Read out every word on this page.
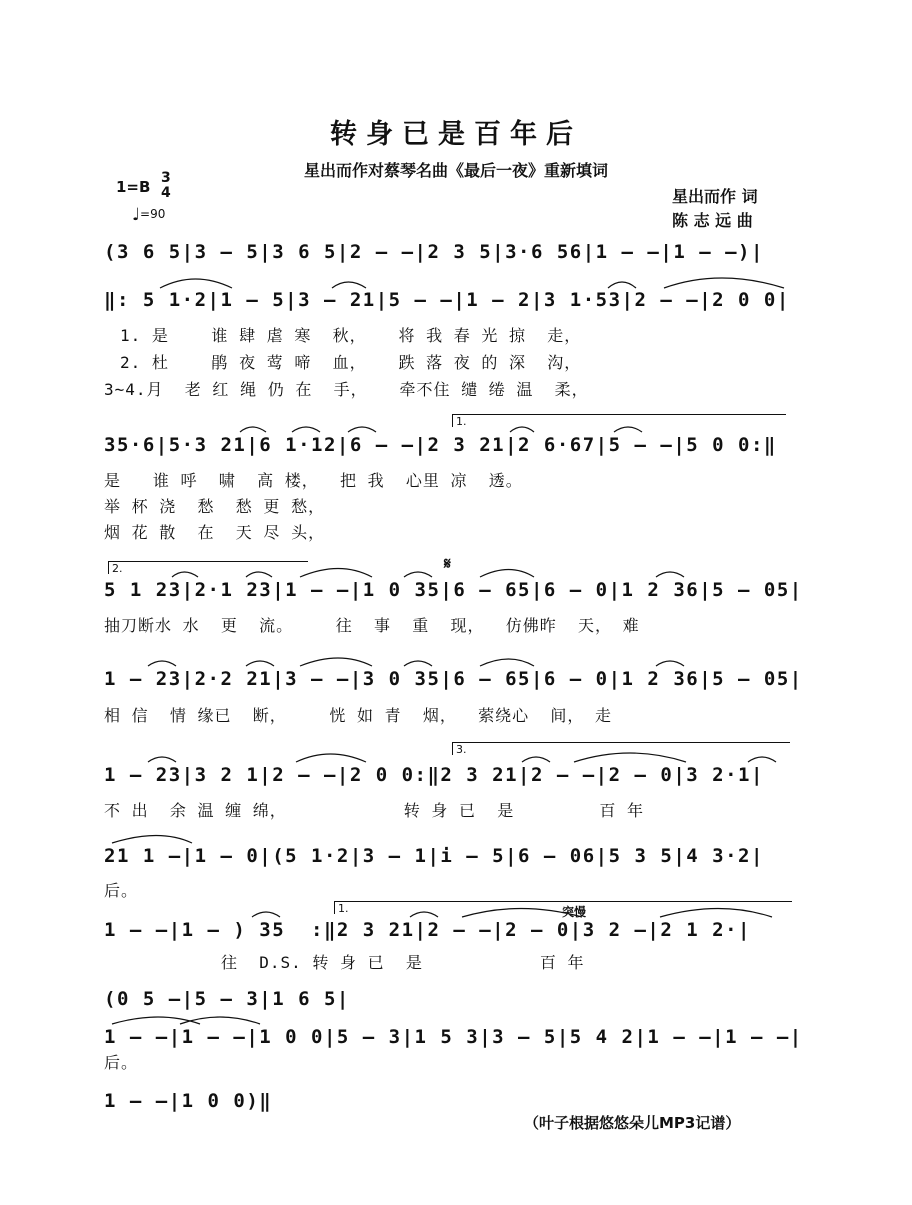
转身已是百年后
星出而作对蔡琴名曲《最后一夜》重新填词
星出而作 词
陈 志 远 曲
1=B 3
4
♩=90
(3 6 5|3 — 5|3 6 5|2 — —|2 3 5|3·6 56|1 — —|1 — —)|
‖: 5 1·2|1 — 5|3 — 21|5 — —|1 — 2|3 1·53|2 — —|2 0 0|
1. 是    谁 肆 虐 寒  秋，   将 我 春 光 掠  走，
2. 杜    鹃 夜 莺 啼  血，   跌 落 夜 的 深  沟，
3~4.月  老 红 绳 仍 在  手，   牵不住 缱 绻 温  柔，
1.
35·6|5·3 21|6 1·12|6 — —|2 3 21|2 6·67|5 — —|5 0 0:‖
是   谁 呼  啸  高 楼，  把 我  心里 凉  透。
举 杯 浇  愁  愁 更 愁，
烟 花 散  在  天 尽 头，
2.	𝄋
5 1 23|2·1 23|1 — —|1 0 35|6 — 65|6 — 0|1 2 36|5 — 05|
抽刀断水 水  更  流。    往  事  重  现，  仿佛昨  天， 难
1 — 23|2·2 21|3 — —|3 0 35|6 — 65|6 — 0|1 2 36|5 — 05|
相 信  情 缘已  断，    恍 如 青  烟，  萦绕心  间， 走
3.
1 — 23|3 2 1|2 — —|2 0 0:‖2 3 21|2 — —|2 — 0|3 2·1|
不 出  余 温 缠 绵，           转 身 已  是        百 年
21 1 —|1 — 0|(5 1·2|3 — 1|i — 5|6 — 06|5 3 5|4 3·2|
后。
1.	突慢
1 — —|1 — ) 35  :‖2 3 21|2 — —|2 — 0|3 2 —|2 1 2·|
往  D.S. 转 身 已  是           百 年
(0 5 —|5 — 3|1 6 5|
1 — —|1 — —|1 0 0|5 — 3|1 5 3|3 — 5|5 4 2|1 — —|1 — —|
后。
1 — —|1 0 0)‖
（叶子根据悠悠朵儿MP3记谱）
